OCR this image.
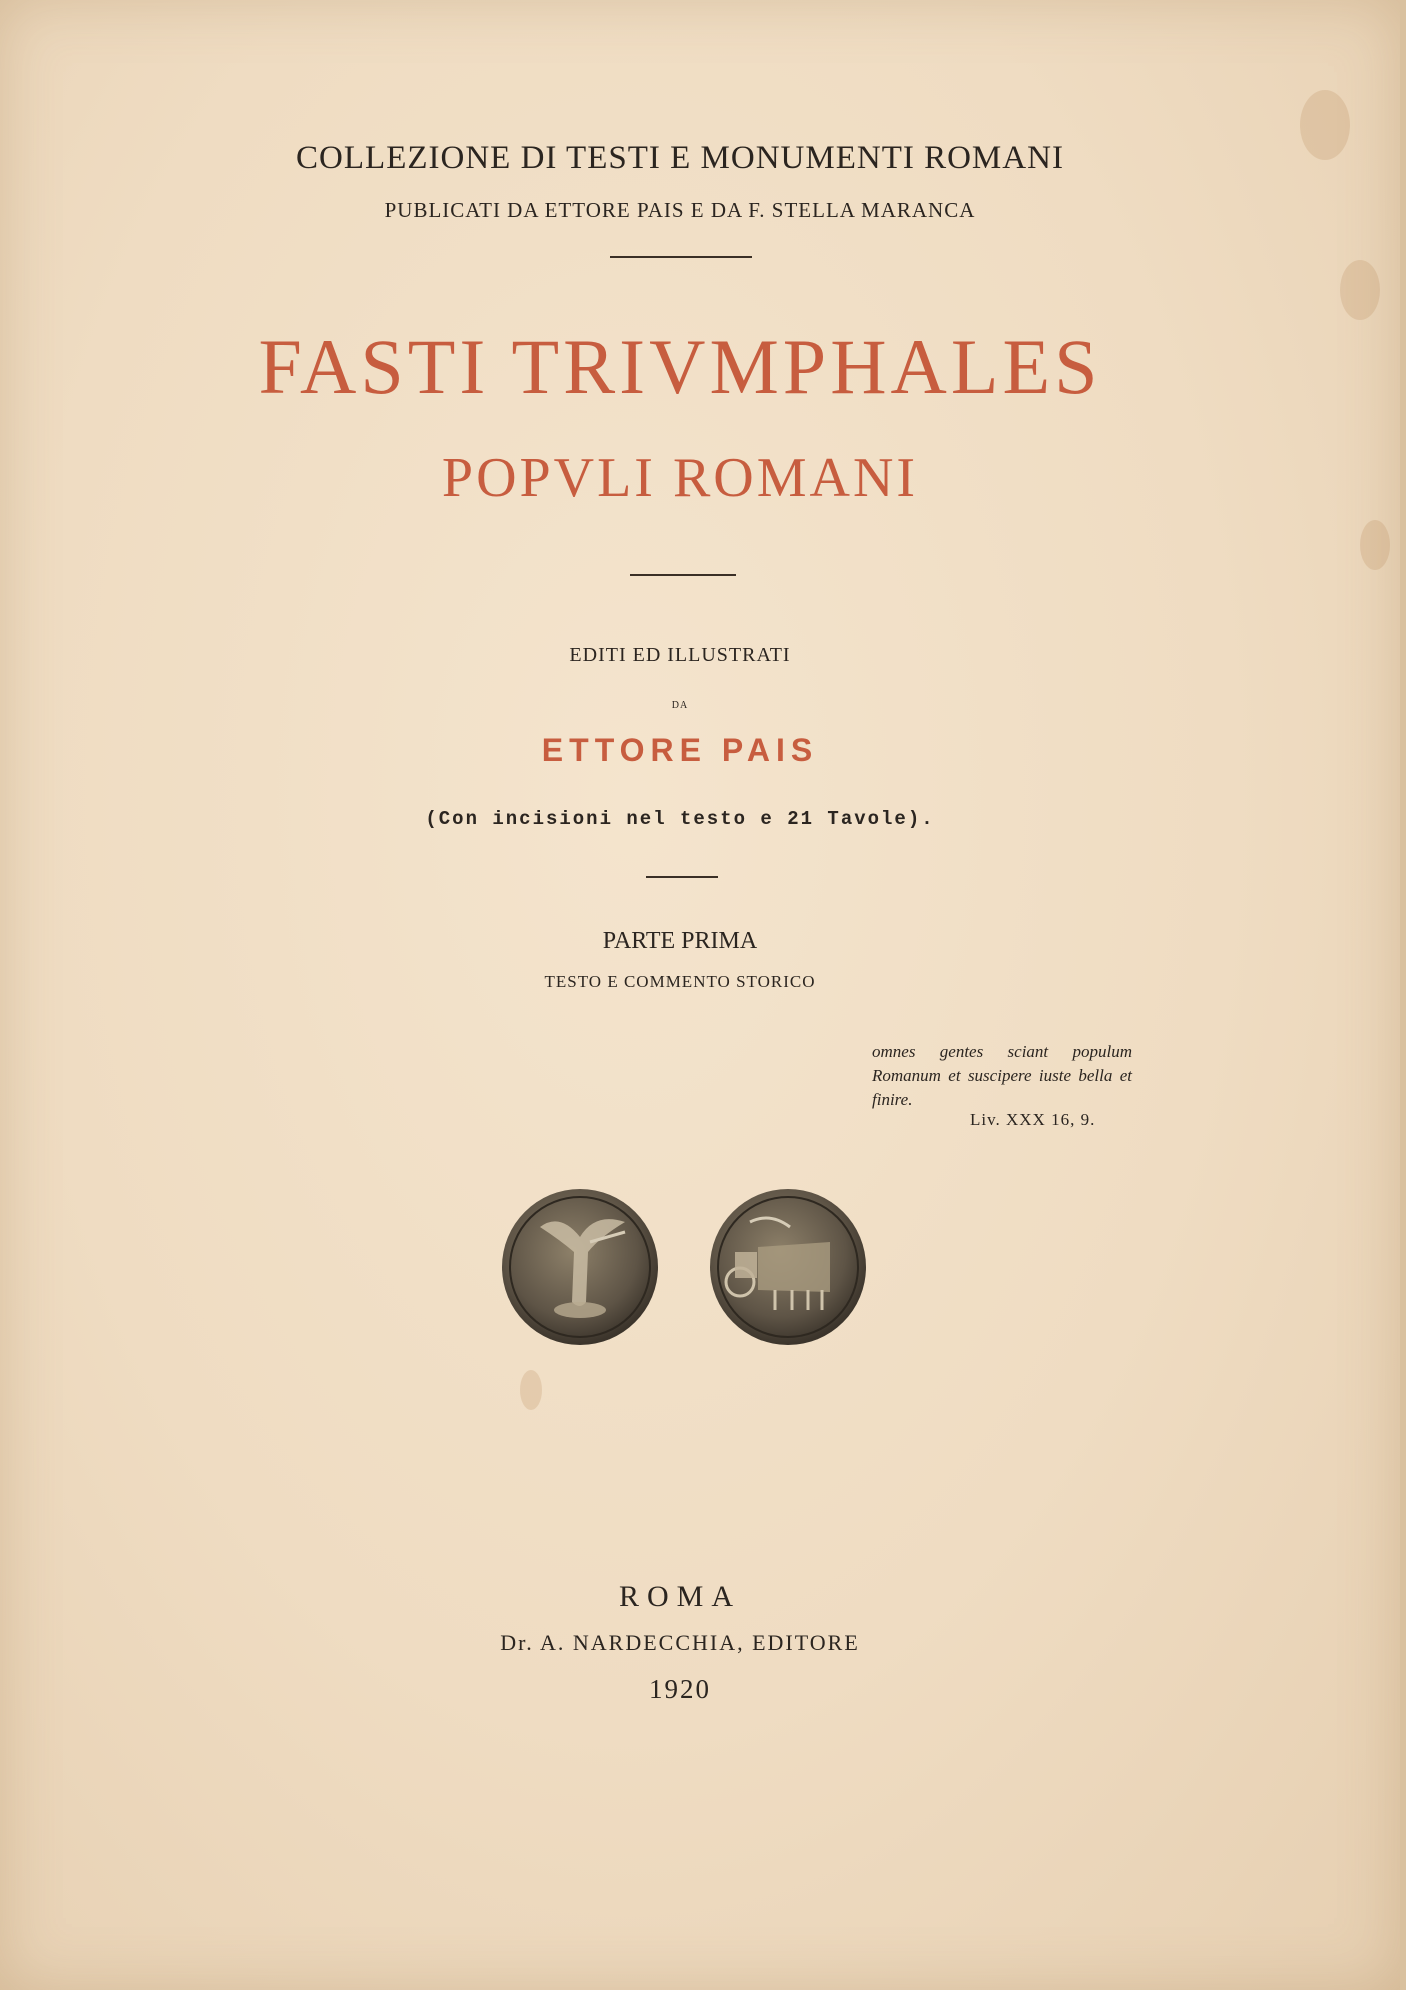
COLLEZIONE DI TESTI E MONUMENTI ROMANI
PUBLICATI DA ETTORE PAIS E DA F. STELLA MARANCA
FASTI TRIVMPHALES
POPVLI ROMANI
EDITI ED ILLUSTRATI
DA
ETTORE PAIS
(Con incisioni nel testo e 21 Tavole).
PARTE PRIMA
TESTO E COMMENTO STORICO
omnes gentes sciant populum Romanum et suscipere iuste bella et finire.
Liv. XXX 16, 9.
ROMA
Dr. A. NARDECCHIA, EDITORE
1920
